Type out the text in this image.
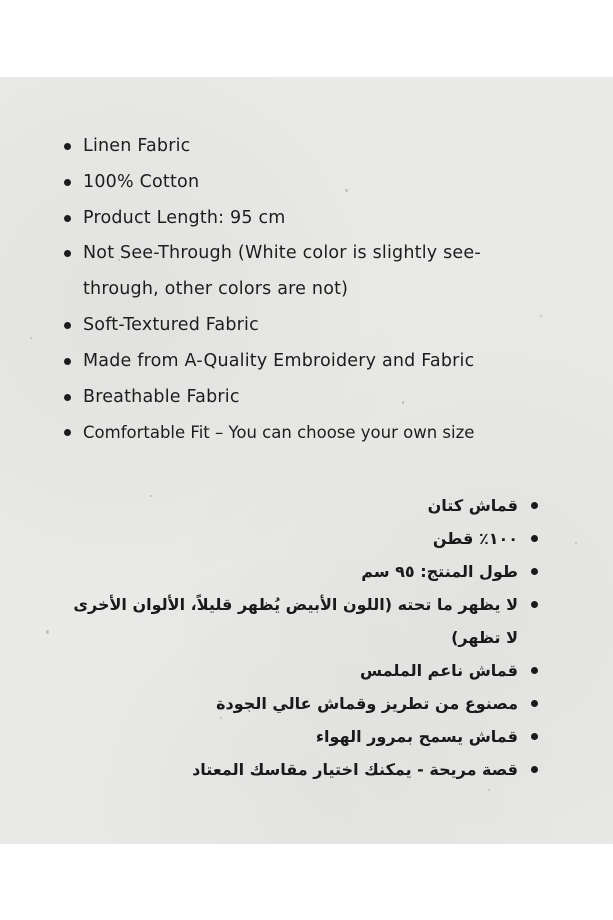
Linen Fabric
100% Cotton
Product Length: 95 cm
Not See-Through (White color is slightly see-through, other colors are not)
Soft-Textured Fabric
Made from A-Quality Embroidery and Fabric
Breathable Fabric
Comfortable Fit – You can choose your own size
قماش كتان
١٠٠٪ قطن
طول المنتج: ٩٥ سم
لا يظهر ما تحته (اللون الأبيض يُظهر قليلاً، الألوان الأخرى لا تظهر)
قماش ناعم الملمس
مصنوع من تطريز وقماش عالي الجودة
قماش يسمح بمرور الهواء
قصة مريحة - يمكنك اختيار مقاسك المعتاد
